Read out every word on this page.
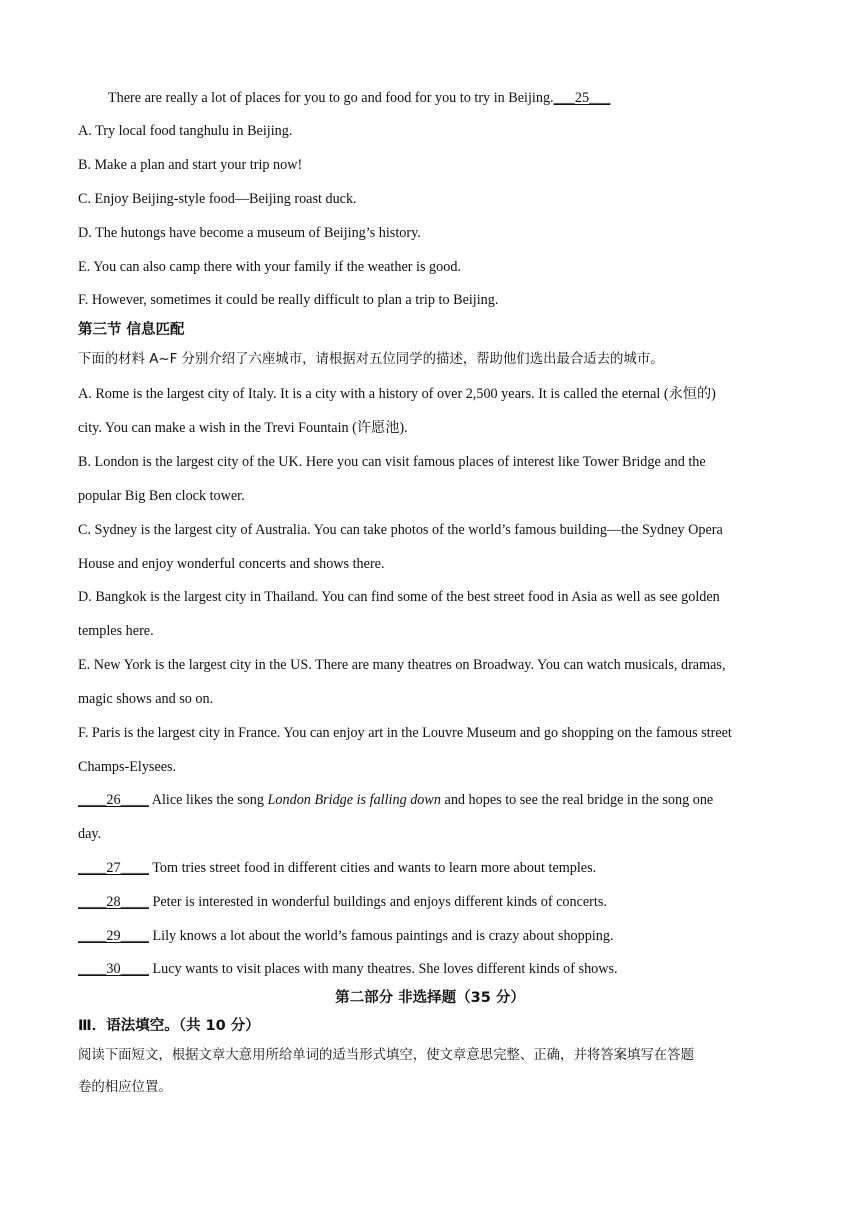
There are really a lot of places for you to go and food for you to try in Beijing.___25___
A. Try local food tanghulu in Beijing.
B. Make a plan and start your trip now!
C. Enjoy Beijing-style food—Beijing roast duck.
D. The hutongs have become a museum of Beijing’s history.
E. You can also camp there with your family if the weather is good.
F. However, sometimes it could be really difficult to plan a trip to Beijing.
第三节 信息匹配
下面的材料 A~F 分别介绍了六座城市，请根据对五位同学的描述，帮助他们选出最合适去的城市。
A. Rome is the largest city of Italy. It is a city with a history of over 2,500 years. It is called the eternal (永恒的)
city. You can make a wish in the Trevi Fountain (许愿池).
B. London is the largest city of the UK. Here you can visit famous places of interest like Tower Bridge and the
popular Big Ben clock tower.
C. Sydney is the largest city of Australia. You can take photos of the world’s famous building—the Sydney Opera
House and enjoy wonderful concerts and shows there.
D. Bangkok is the largest city in Thailand. You can find some of the best street food in Asia as well as see golden
temples here.
E. New York is the largest city in the US. There are many theatres on Broadway. You can watch musicals, dramas,
magic shows and so on.
F. Paris is the largest city in France. You can enjoy art in the Louvre Museum and go shopping on the famous street
Champs-Elysees.
____26____ Alice likes the song London Bridge is falling down and hopes to see the real bridge in the song one
day.
____27____ Tom tries street food in different cities and wants to learn more about temples.
____28____ Peter is interested in wonderful buildings and enjoys different kinds of concerts.
____29____ Lily knows a lot about the world’s famous paintings and is crazy about shopping.
____30____ Lucy wants to visit places with many theatres. She loves different kinds of shows.
第二部分 非选择题（35 分）
Ⅲ．语法填空。（共 10 分）
阅读下面短文，根据文章大意用所给单词的适当形式填空，使文章意思完整、正确，并将答案填写在答题
卷的相应位置。
